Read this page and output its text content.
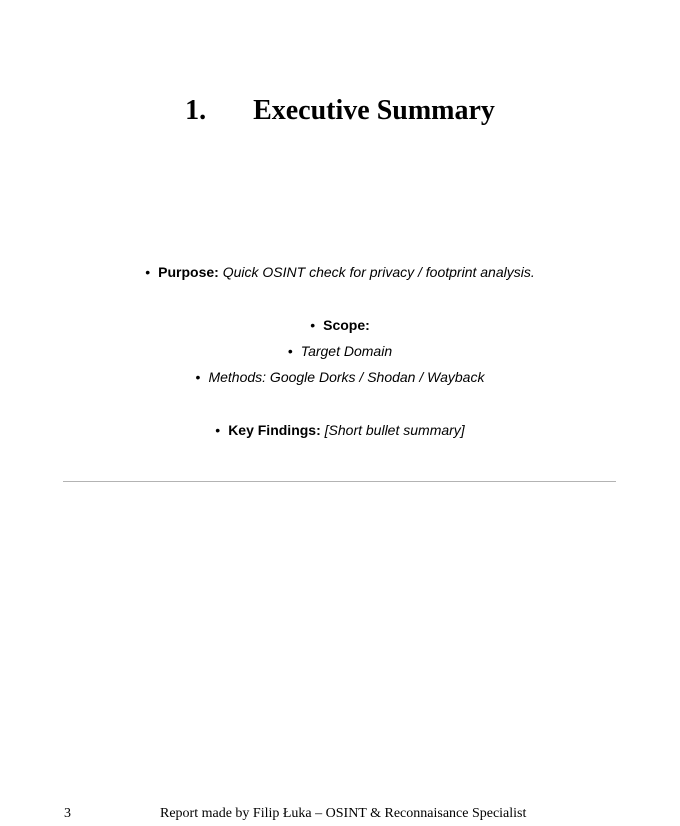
1. Executive Summary
• Purpose: Quick OSINT check for privacy / footprint analysis.
• Scope:
• Target Domain
• Methods: Google Dorks / Shodan / Wayback
• Key Findings: [Short bullet summary]
3	Report made by Filip Łuka – OSINT & Reconnaisance Specialist
